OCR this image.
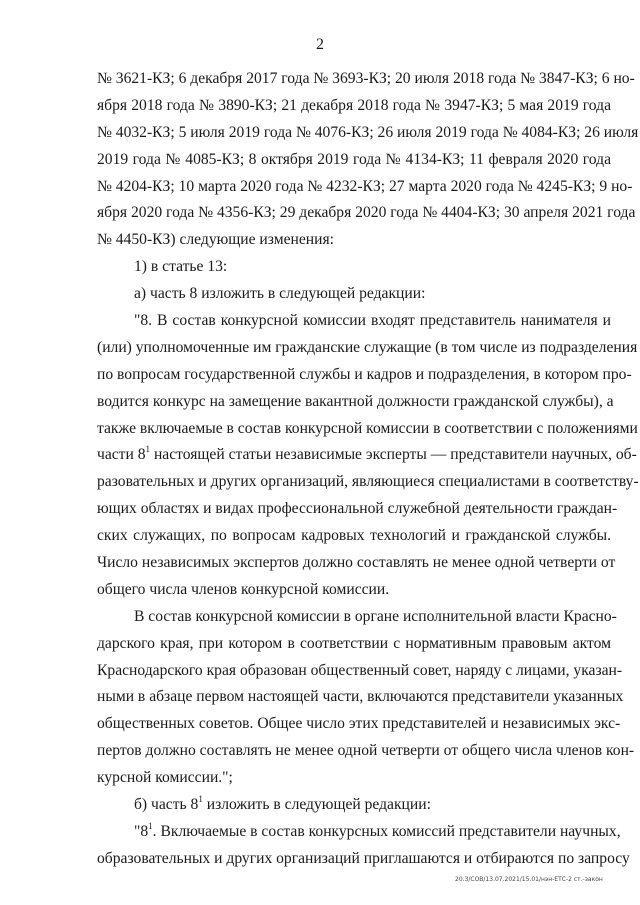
2
№ 3621-КЗ; 6 декабря 2017 года № 3693-КЗ; 20 июля 2018 года № 3847-КЗ; 6 но-
ября 2018 года № 3890-КЗ; 21 декабря 2018 года № 3947-КЗ; 5 мая 2019 года
№ 4032-КЗ; 5 июля 2019 года № 4076-КЗ; 26 июля 2019 года № 4084-КЗ; 26 июля
2019 года № 4085-КЗ; 8 октября 2019 года № 4134-КЗ; 11 февраля 2020 года
№ 4204-КЗ; 10 марта 2020 года № 4232-КЗ; 27 марта 2020 года № 4245-КЗ; 9 но-
ября 2020 года № 4356-КЗ; 29 декабря 2020 года № 4404-КЗ; 30 апреля 2021 года
№ 4450-КЗ) следующие изменения:
1) в статье 13:
а) часть 8 изложить в следующей редакции:
"8. В состав конкурсной комиссии входят представитель нанимателя и
(или) уполномоченные им гражданские служащие (в том числе из подразделения
по вопросам государственной службы и кадров и подразделения, в котором про-
водится конкурс на замещение вакантной должности гражданской службы), а
также включаемые в состав конкурсной комиссии в соответствии с положениями
части $8^1$ настоящей статьи независимые эксперты — представители научных, об-
разовательных и других организаций, являющиеся специалистами в соответству-
ющих областях и видах профессиональной служебной деятельности граждан-
ских служащих, по вопросам кадровых технологий и гражданской службы.
Число независимых экспертов должно составлять не менее одной четверти от
общего числа членов конкурсной комиссии.
В состав конкурсной комиссии в органе исполнительной власти Красно-
дарского края, при котором в соответствии с нормативным правовым актом
Краснодарского края образован общественный совет, наряду с лицами, указан-
ными в абзаце первом настоящей части, включаются представители указанных
общественных советов. Общее число этих представителей и независимых экс-
пертов должно составлять не менее одной четверти от общего числа членов кон-
курсной комиссии.";
б) часть $8^1$ изложить в следующей редакции:
"$8^1$. Включаемые в состав конкурсных комиссий представители научных,
образовательных и других организаций приглашаются и отбираются по запросу
20.3/COB/13.07.2021/15.01/нэн-ЕТС-2 ст.-закон
